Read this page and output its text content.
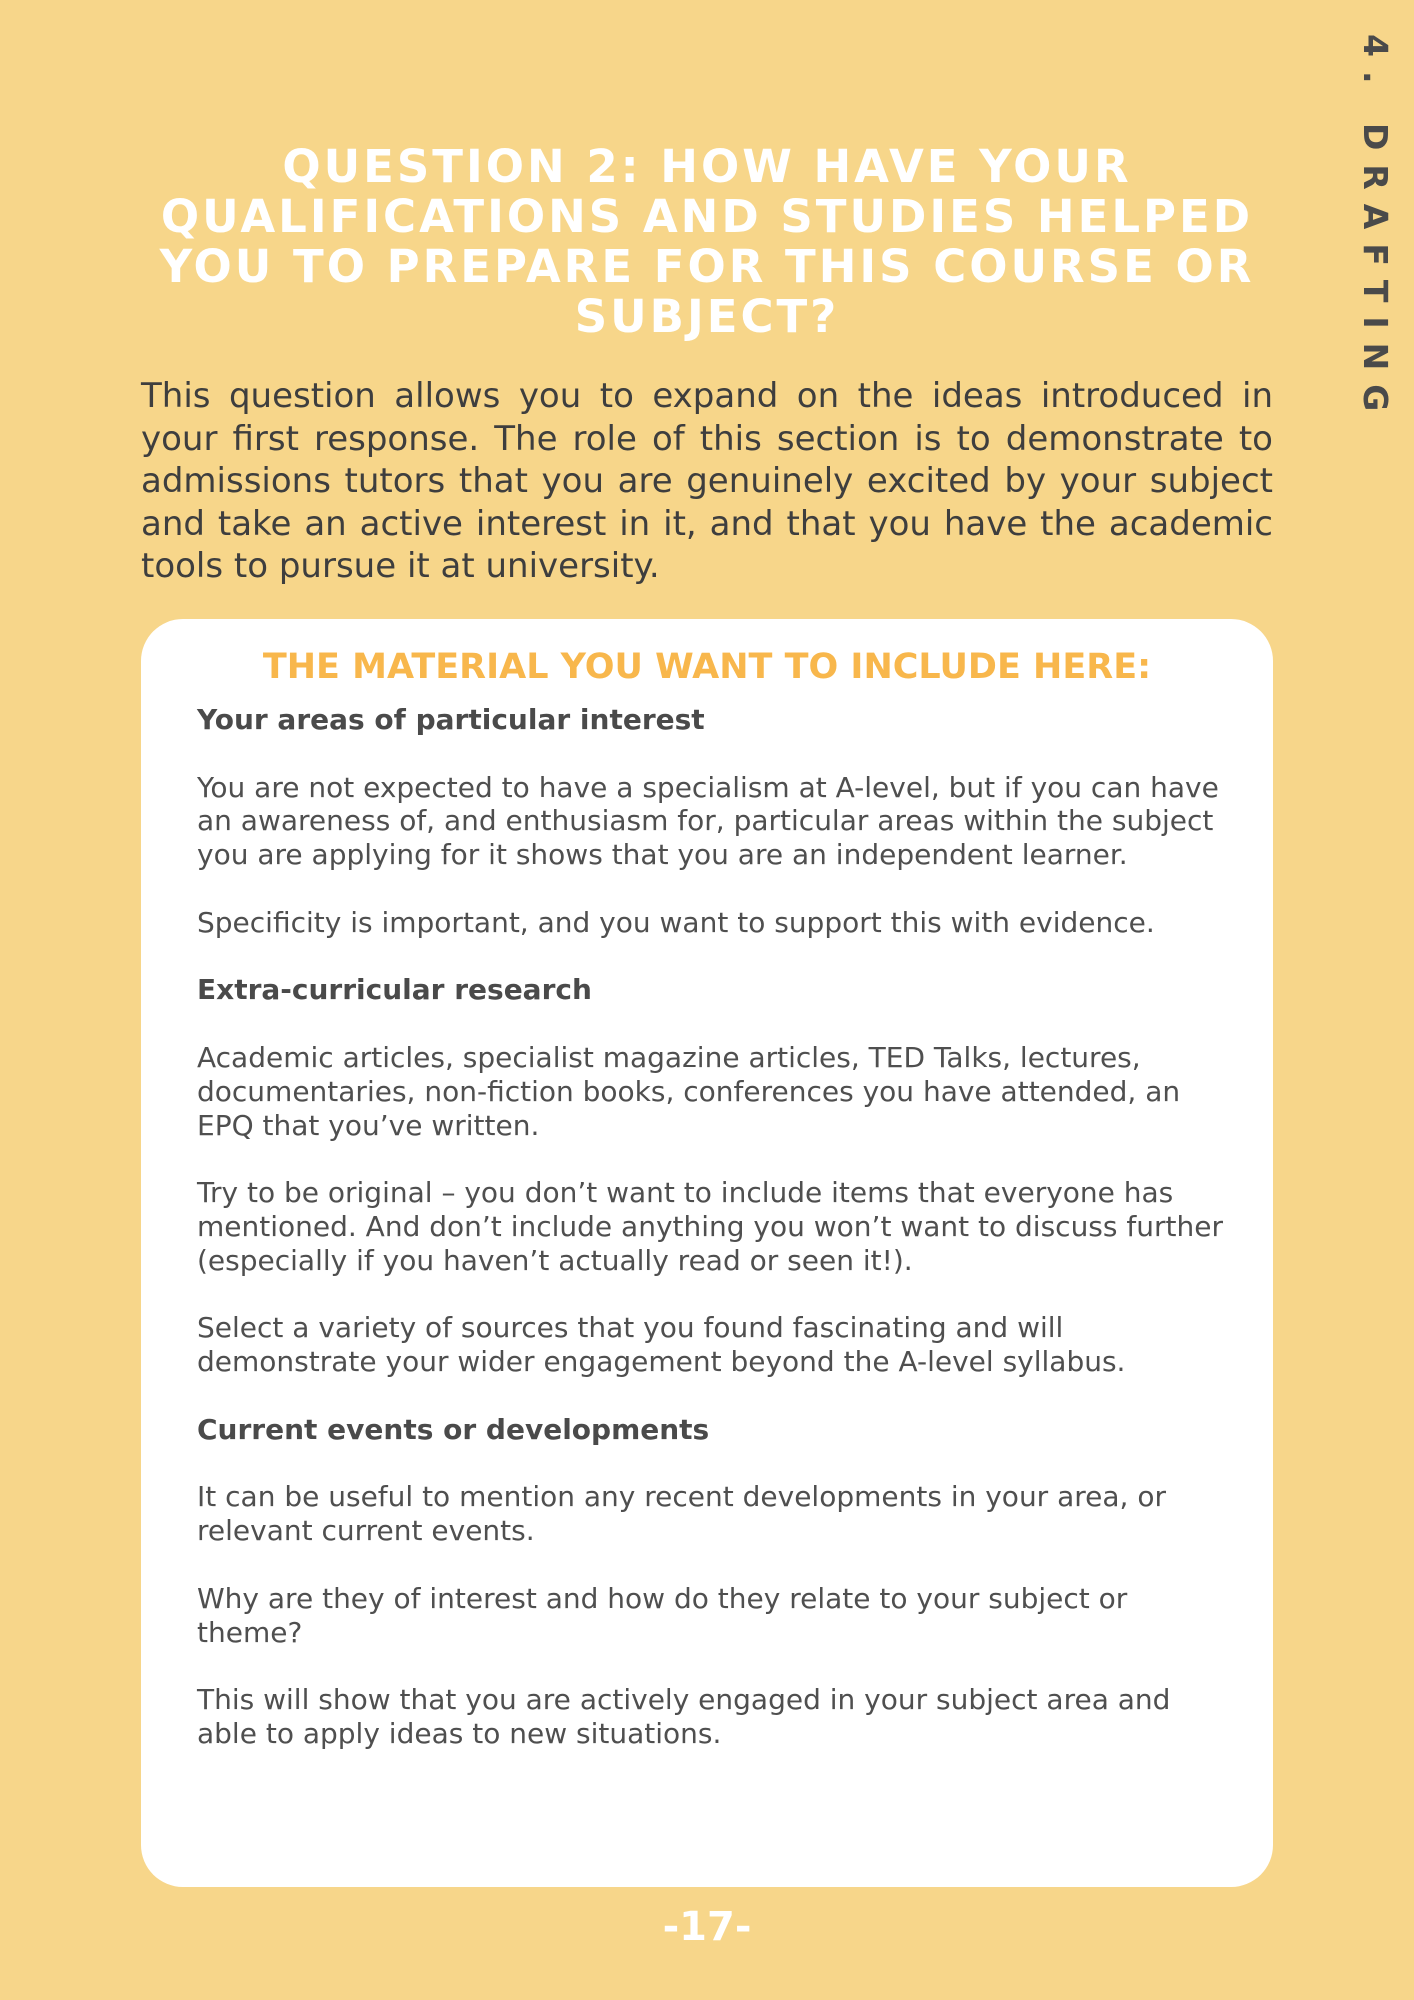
4. DRAFTING
QUESTION 2: HOW HAVE YOUR QUALIFICATIONS AND STUDIES HELPED YOU TO PREPARE FOR THIS COURSE OR SUBJECT?

This question allows you to expand on the ideas introduced in your first response. The role of this section is to demonstrate to admissions tutors that you are genuinely excited by your subject and take an active interest in it, and that you have the academic tools to pursue it at university.

THE MATERIAL YOU WANT TO INCLUDE HERE:

Your areas of particular interest

You are not expected to have a specialism at A-level, but if you can have an awareness of, and enthusiasm for, particular areas within the subject you are applying for it shows that you are an independent learner.

Specificity is important, and you want to support this with evidence.

Extra-curricular research

Academic articles, specialist magazine articles, TED Talks, lectures, documentaries, non-fiction books, conferences you have attended, an EPQ that you’ve written.

Try to be original – you don’t want to include items that everyone has mentioned. And don’t include anything you won’t want to discuss further (especially if you haven’t actually read or seen it!).

Select a variety of sources that you found fascinating and will demonstrate your wider engagement beyond the A-level syllabus.

Current events or developments

It can be useful to mention any recent developments in your area, or relevant current events.

Why are they of interest and how do they relate to your subject or theme?

This will show that you are actively engaged in your subject area and able to apply ideas to new situations.

-17-
